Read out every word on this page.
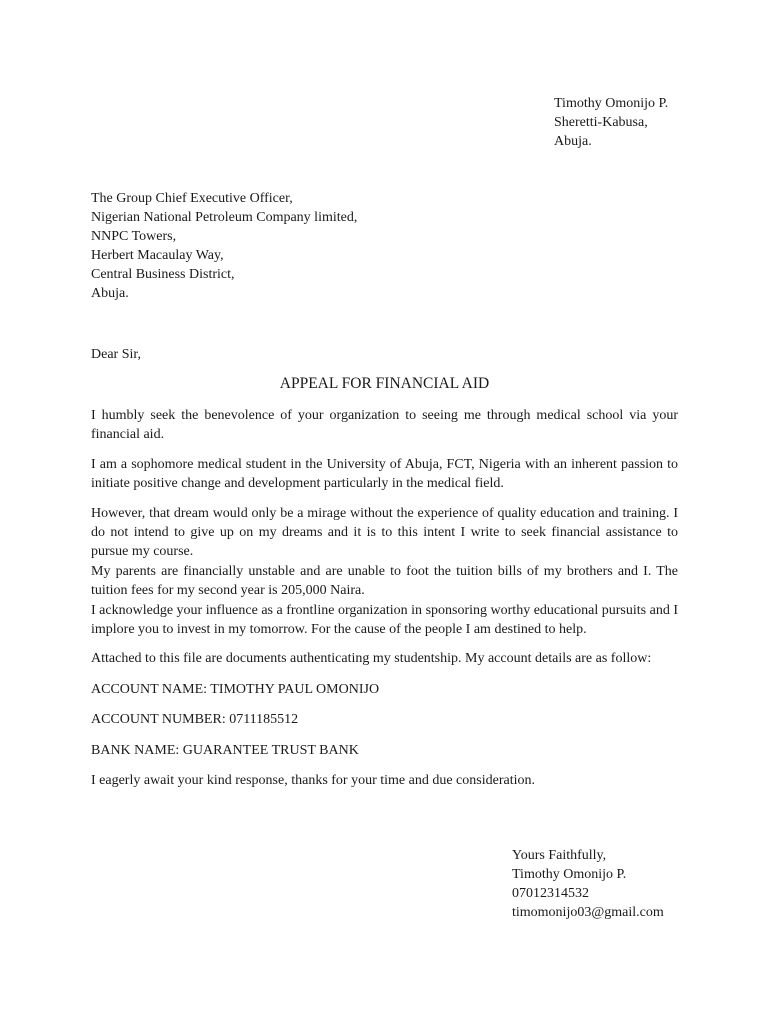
Timothy Omonijo P.
Sheretti-Kabusa,
Abuja.
The Group Chief Executive Officer,
Nigerian National Petroleum Company limited,
NNPC Towers,
Herbert Macaulay Way,
Central Business District,
Abuja.
Dear Sir,
APPEAL FOR FINANCIAL AID

I humbly seek the benevolence of your organization to seeing me through medical school via your financial aid.

I am a sophomore medical student in the University of Abuja, FCT, Nigeria with an inherent passion to initiate positive change and development particularly in the medical field.

However, that dream would only be a mirage without the experience of quality education and training. I do not intend to give up on my dreams and it is to this intent I write to seek financial assistance to pursue my course.

My parents are financially unstable and are unable to foot the tuition bills of my brothers and I. The tuition fees for my second year is 205,000 Naira.

I acknowledge your influence as a frontline organization in sponsoring worthy educational pursuits and I implore you to invest in my tomorrow. For the cause of the people I am destined to help.

Attached to this file are documents authenticating my studentship. My account details are as follow:

ACCOUNT NAME: TIMOTHY PAUL OMONIJO

ACCOUNT NUMBER: 0711185512

BANK NAME: GUARANTEE TRUST BANK

I eagerly await your kind response, thanks for your time and due consideration.

Yours Faithfully,
Timothy Omonijo P.
07012314532
timomonijo03@gmail.com
